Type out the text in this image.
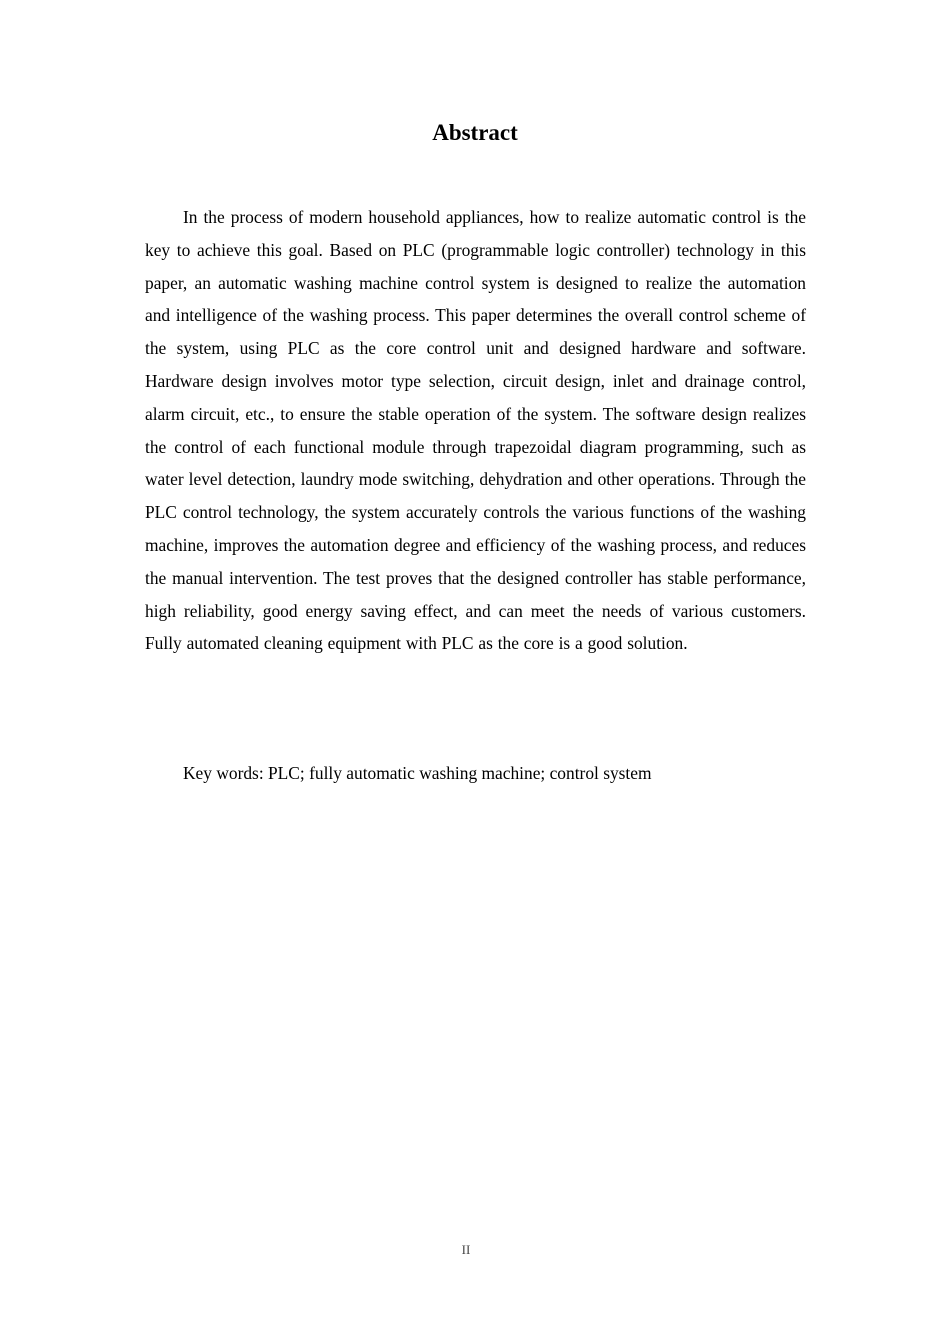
Abstract

In the process of modern household appliances, how to realize automatic control is the key to achieve this goal. Based on PLC (programmable logic controller) technology in this paper, an automatic washing machine control system is designed to realize the automation and intelligence of the washing process. This paper determines the overall control scheme of the system, using PLC as the core control unit and designed hardware and software. Hardware design involves motor type selection, circuit design, inlet and drainage control, alarm circuit, etc., to ensure the stable operation of the system. The software design realizes the control of each functional module through trapezoidal diagram programming, such as water level detection, laundry mode switching, dehydration and other operations. Through the PLC control technology, the system accurately controls the various functions of the washing machine, improves the automation degree and efficiency of the washing process, and reduces the manual intervention. The test proves that the designed controller has stable performance, high reliability, good energy saving effect, and can meet the needs of various customers. Fully automated cleaning equipment with PLC as the core is a good solution.

Key words: PLC; fully automatic washing machine; control system

II
